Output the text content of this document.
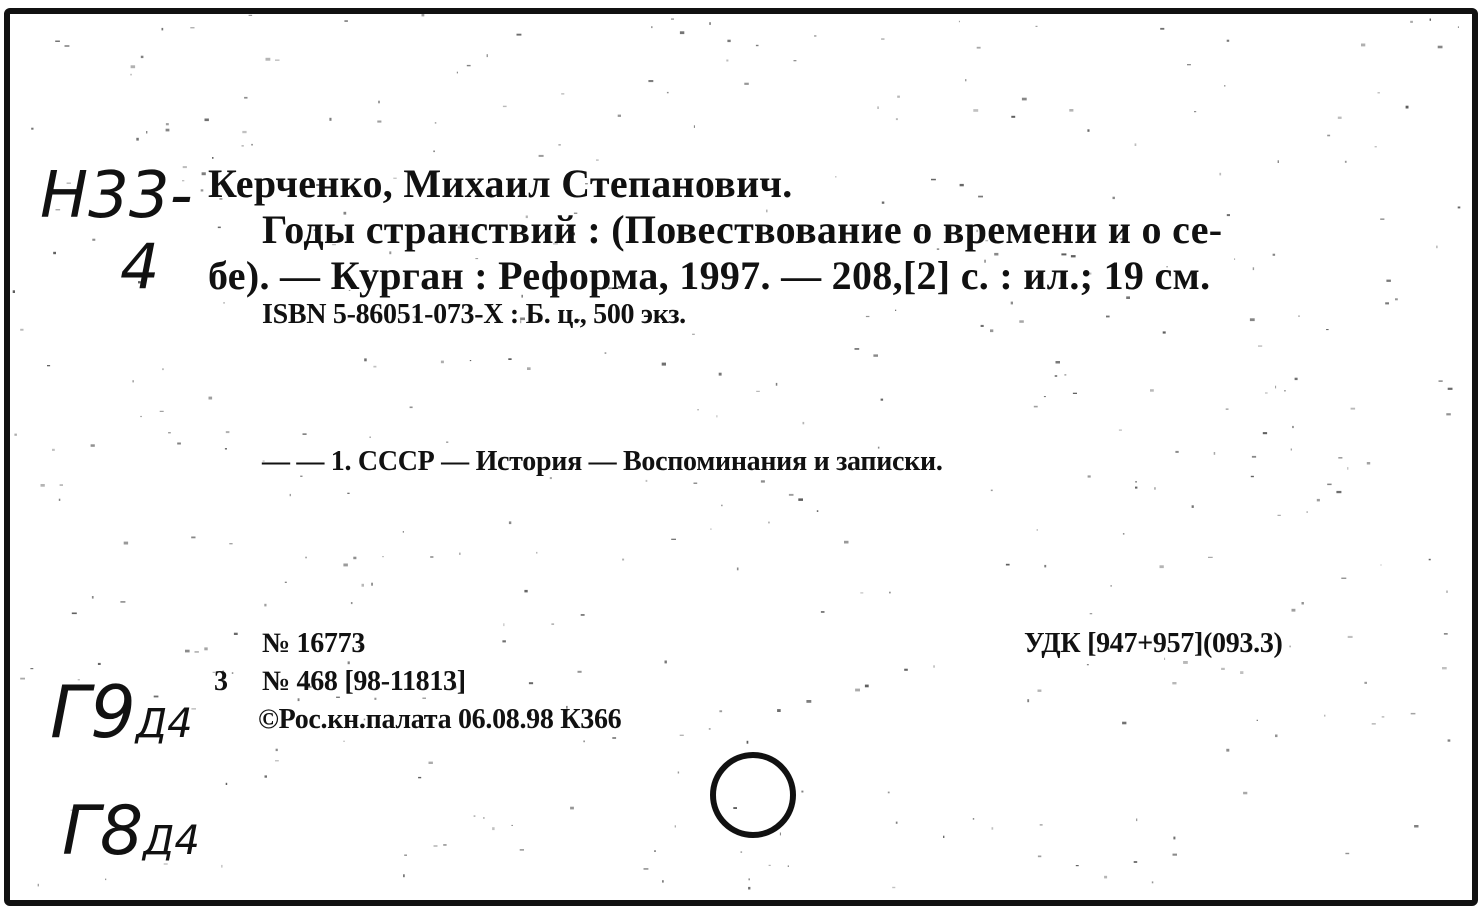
Н33-
4
Керченко, Михаил Степанович.
Годы странствий : (Повествование о времени и о се-
бе). — Курган : Реформа, 1997. — 208,[2] с. : ил.; 19 см.
ISBN 5-86051-073-X : Б. ц., 500 экз.
— — 1. СССР — История — Воспоминания и записки.
№ 16773	УДК [947+957](093.3)
3 № 468 [98-11813]
©Рос.кн.палата 06.08.98 К366
Г9Д4
Г8Д4
